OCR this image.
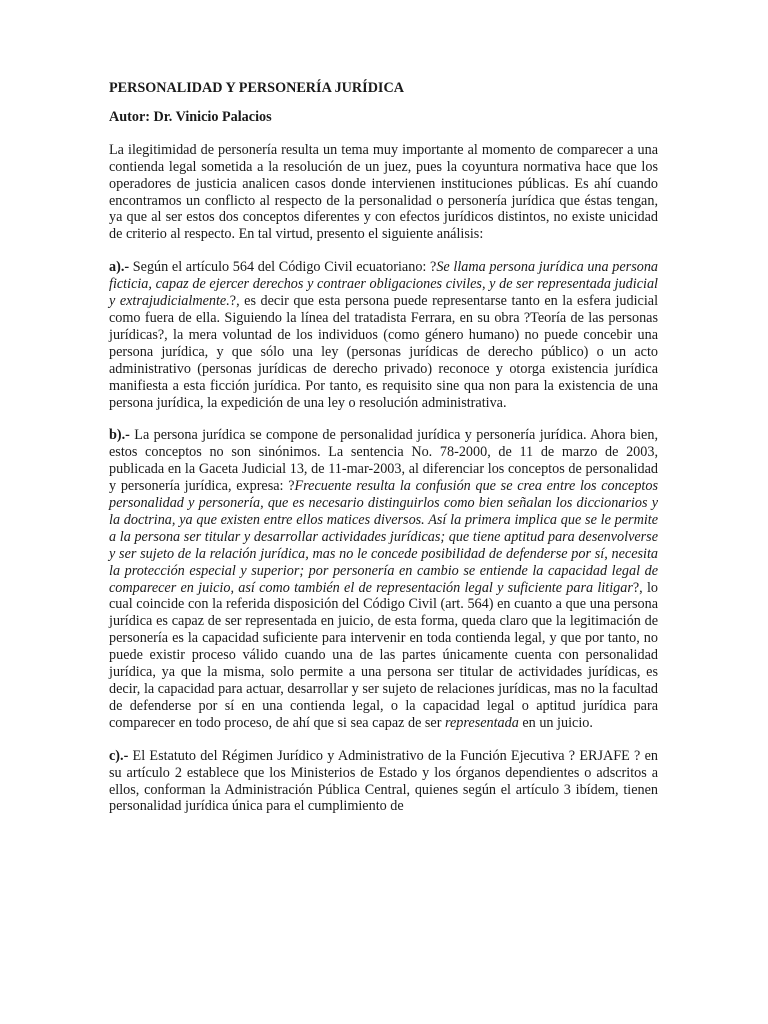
PERSONALIDAD Y PERSONERÍA JURÍDICA
Autor: Dr. Vinicio Palacios

La ilegitimidad de personería resulta un tema muy importante al momento de comparecer a una contienda legal sometida a la resolución de un juez, pues la coyuntura normativa hace que los operadores de justicia analicen casos donde intervienen instituciones públicas. Es ahí cuando encontramos un conflicto al respecto de la personalidad o personería jurídica que éstas tengan, ya que al ser estos dos conceptos diferentes y con efectos jurídicos distintos, no existe unicidad de criterio al respecto. En tal virtud, presento el siguiente análisis:

a).- Según el artículo 564 del Código Civil ecuatoriano: ?Se llama persona jurídica una persona ficticia, capaz de ejercer derechos y contraer obligaciones civiles, y de ser representada judicial y extrajudicialmente.?, es decir que esta persona puede representarse tanto en la esfera judicial como fuera de ella. Siguiendo la línea del tratadista Ferrara, en su obra ?Teoría de las personas jurídicas?, la mera voluntad de los individuos (como género humano) no puede concebir una persona jurídica, y que sólo una ley (personas jurídicas de derecho público) o un acto administrativo (personas jurídicas de derecho privado) reconoce y otorga existencia jurídica manifiesta a esta ficción jurídica. Por tanto, es requisito sine qua non para la existencia de una persona jurídica, la expedición de una ley o resolución administrativa.

b).- La persona jurídica se compone de personalidad jurídica y personería jurídica. Ahora bien, estos conceptos no son sinónimos. La sentencia No. 78-2000, de 11 de marzo de 2003, publicada en la Gaceta Judicial 13, de 11-mar-2003, al diferenciar los conceptos de personalidad y personería jurídica, expresa: ?Frecuente resulta la confusión que se crea entre los conceptos personalidad y personería, que es necesario distinguirlos como bien señalan los diccionarios y la doctrina, ya que existen entre ellos matices diversos. Así la primera implica que se le permite a la persona ser titular y desarrollar actividades jurídicas; que tiene aptitud para desenvolverse y ser sujeto de la relación jurídica, mas no le concede posibilidad de defenderse por sí, necesita la protección especial y superior; por personería en cambio se entiende la capacidad legal de comparecer en juicio, así como también el de representación legal y suficiente para litigar?, lo cual coincide con la referida disposición del Código Civil (art. 564) en cuanto a que una persona jurídica es capaz de ser representada en juicio, de esta forma, queda claro que la legitimación de personería es la capacidad suficiente para intervenir en toda contienda legal, y que por tanto, no puede existir proceso válido cuando una de las partes únicamente cuenta con personalidad jurídica, ya que la misma, solo permite a una persona ser titular de actividades jurídicas, es decir, la capacidad para actuar, desarrollar y ser sujeto de relaciones jurídicas, mas no la facultad de defenderse por sí en una contienda legal, o la capacidad legal o aptitud jurídica para comparecer en todo proceso, de ahí que si sea capaz de ser representada en un juicio.

c).- El Estatuto del Régimen Jurídico y Administrativo de la Función Ejecutiva ? ERJAFE ? en su artículo 2 establece que los Ministerios de Estado y los órganos dependientes o adscritos a ellos, conforman la Administración Pública Central, quienes según el artículo 3 ibídem, tienen personalidad jurídica única para el cumplimiento de
